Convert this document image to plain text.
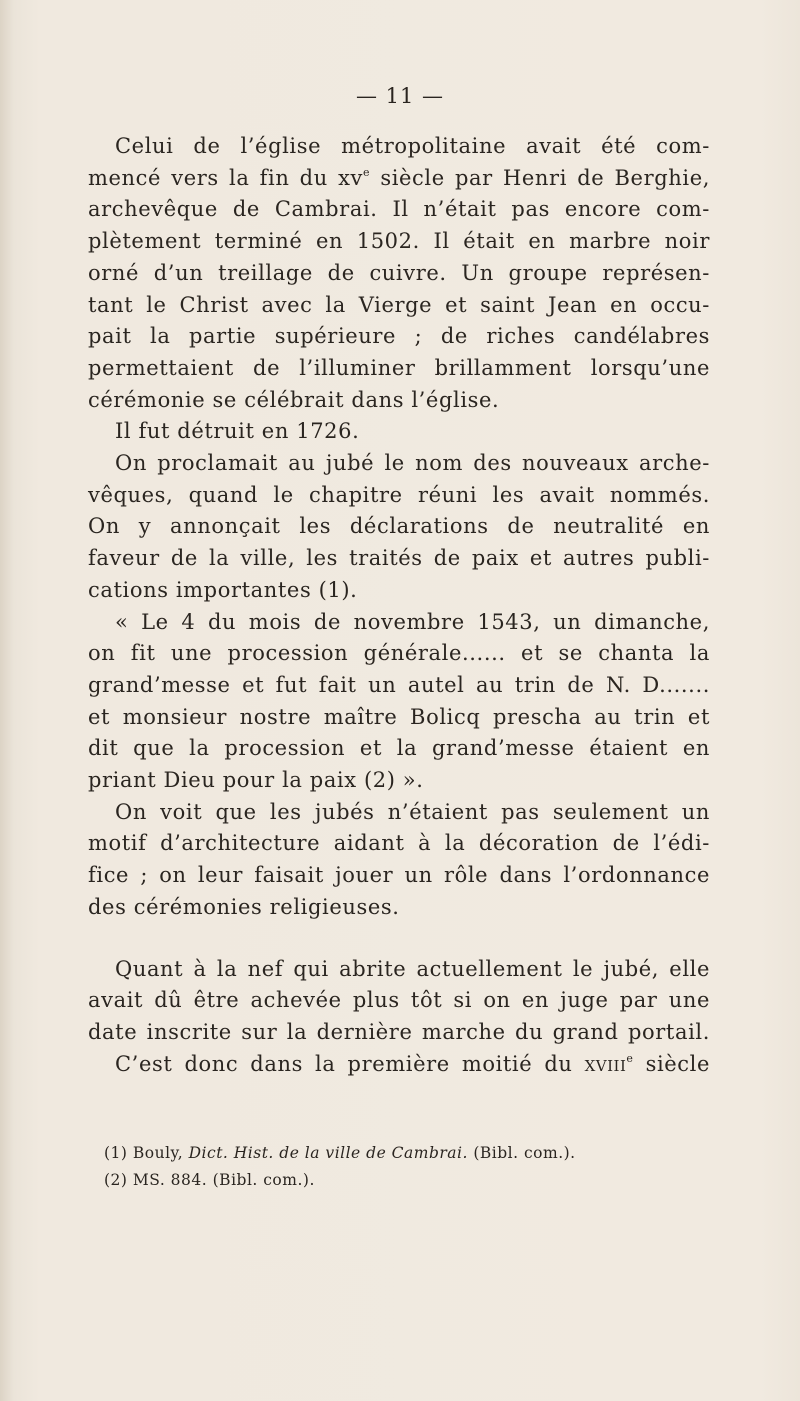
— 11 —
Celui de l’église métropolitaine avait été com-
mencé vers la fin du $xv^e$ siècle par Henri de Berghie,
archevêque de Cambrai. Il n’était pas encore com-
plètement terminé en 1502. Il était en marbre noir
orné d’un treillage de cuivre. Un groupe représen-
tant le Christ avec la Vierge et saint Jean en occu-
pait la partie supérieure ; de riches candélabres
permettaient de l’illuminer brillamment lorsqu’une
cérémonie se célébrait dans l’église.
Il fut détruit en 1726.
On proclamait au jubé le nom des nouveaux arche-
vêques, quand le chapitre réuni les avait nommés.
On y annonçait les déclarations de neutralité en
faveur de la ville, les traités de paix et autres publi-
cations importantes (1).
« Le 4 du mois de novembre 1543, un dimanche,
on fit une procession générale...... et se chanta la
grand’messe et fut fait un autel au trin de N. D.......
et monsieur nostre maître Bolicq prescha au trin et
dit que la procession et la grand’messe étaient en
priant Dieu pour la paix (2) ».
On voit que les jubés n’étaient pas seulement un
motif d’architecture aidant à la décoration de l’édi-
fice ; on leur faisait jouer un rôle dans l’ordonnance
des cérémonies religieuses.
Quant à la nef qui abrite actuellement le jubé, elle
avait dû être achevée plus tôt si on en juge par une
date inscrite sur la dernière marche du grand portail.
C’est donc dans la première moitié du xviii$^e$ siècle
(1) Bouly, Dict. Hist. de la ville de Cambrai. (Bibl. com.).
(2) MS. 884. (Bibl. com.).
